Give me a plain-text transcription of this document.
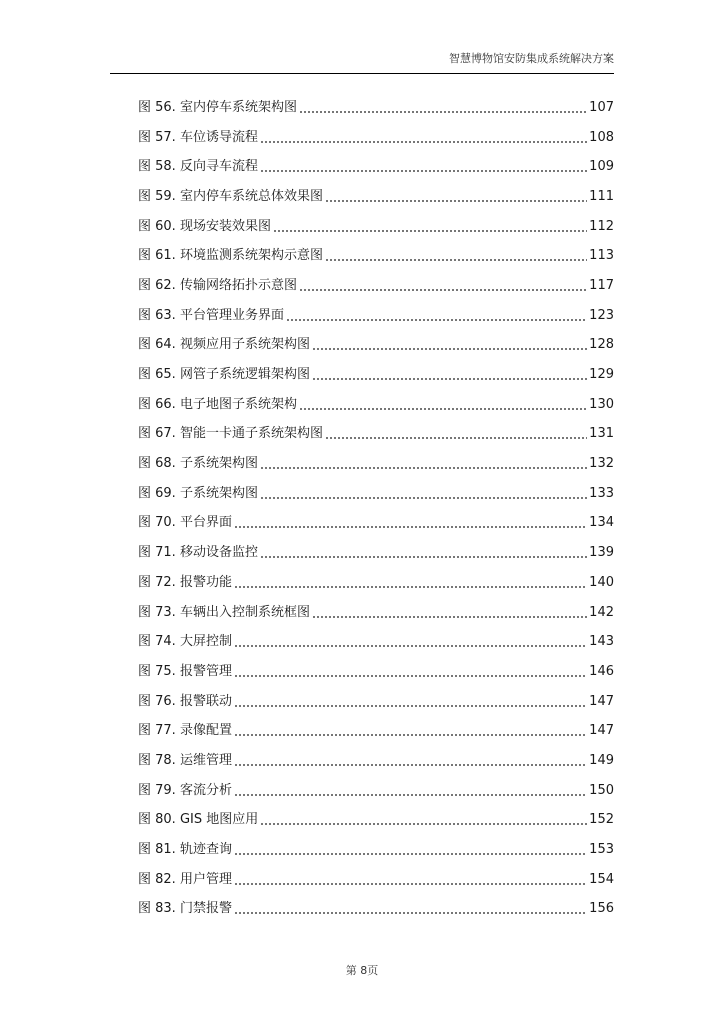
智慧博物馆安防集成系统解决方案
图 56. 室内停车系统架构图	107
图 57. 车位诱导流程	108
图 58. 反向寻车流程	109
图 59. 室内停车系统总体效果图	111
图 60. 现场安装效果图	112
图 61. 环境监测系统架构示意图	113
图 62. 传输网络拓扑示意图	117
图 63. 平台管理业务界面	123
图 64. 视频应用子系统架构图	128
图 65. 网管子系统逻辑架构图	129
图 66. 电子地图子系统架构	130
图 67. 智能一卡通子系统架构图	131
图 68. 子系统架构图	132
图 69. 子系统架构图	133
图 70. 平台界面	134
图 71. 移动设备监控	139
图 72. 报警功能	140
图 73. 车辆出入控制系统框图	142
图 74. 大屏控制	143
图 75. 报警管理	146
图 76. 报警联动	147
图 77. 录像配置	147
图 78. 运维管理	149
图 79. 客流分析	150
图 80. GIS 地图应用	152
图 81. 轨迹查询	153
图 82. 用户管理	154
图 83. 门禁报警	156
第 8页
